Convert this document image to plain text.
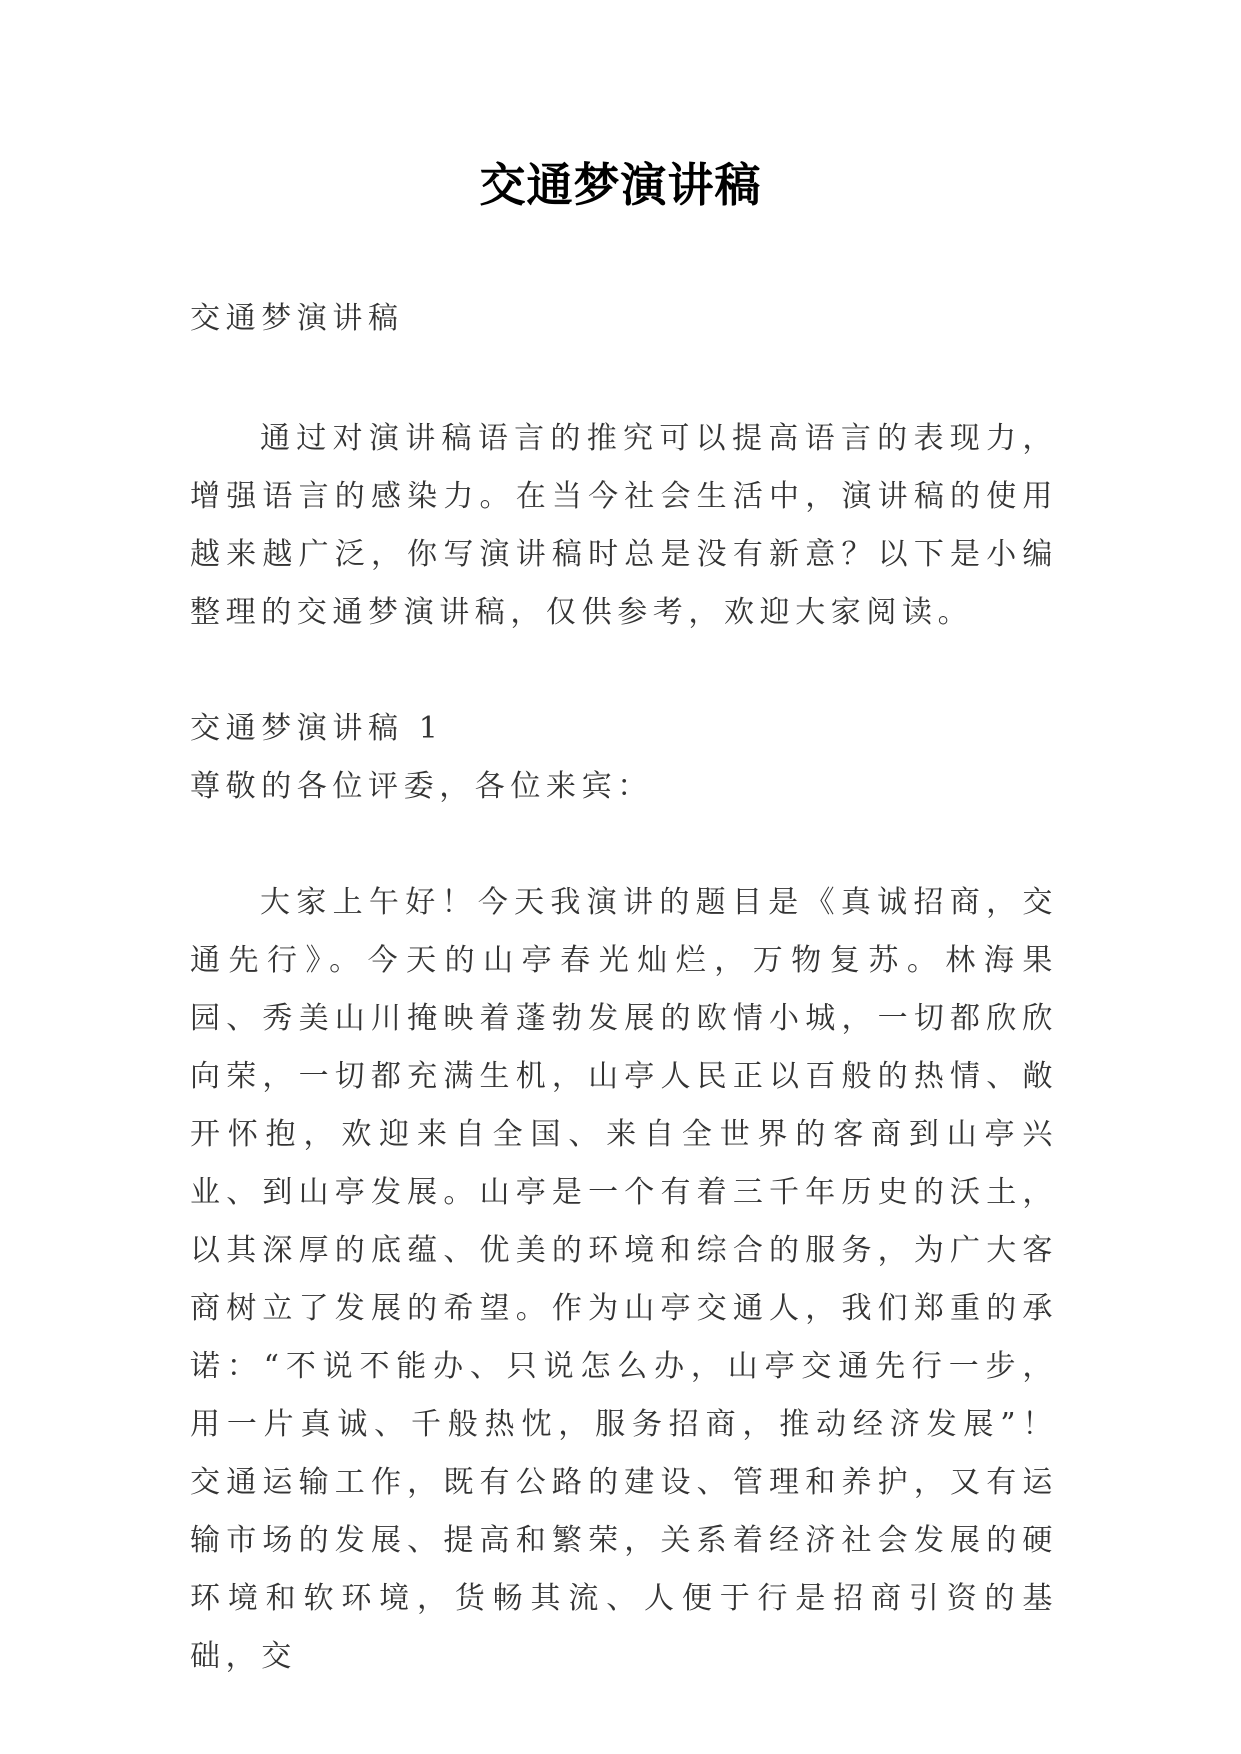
交通梦演讲稿
交通梦演讲稿
通过对演讲稿语言的推究可以提高语言的表现力，增强语言的感染力。在当今社会生活中，演讲稿的使用越来越广泛，你写演讲稿时总是没有新意？以下是小编整理的交通梦演讲稿，仅供参考，欢迎大家阅读。
交通梦演讲稿 1
尊敬的各位评委，各位来宾：
大家上午好！今天我演讲的题目是《真诚招商，交通先行》。今天的山亭春光灿烂，万物复苏。林海果园、秀美山川掩映着蓬勃发展的欧情小城，一切都欣欣向荣，一切都充满生机，山亭人民正以百般的热情、敞开怀抱，欢迎来自全国、来自全世界的客商到山亭兴业、到山亭发展。山亭是一个有着三千年历史的沃土，以其深厚的底蕴、优美的环境和综合的服务，为广大客商树立了发展的希望。作为山亭交通人，我们郑重的承诺：“不说不能办、只说怎么办，山亭交通先行一步，用一片真诚、千般热忱，服务招商，推动经济发展”！交通运输工作，既有公路的建设、管理和养护，又有运输市场的发展、提高和繁荣，关系着经济社会发展的硬环境和软环境，货畅其流、人便于行是招商引资的基础，交
